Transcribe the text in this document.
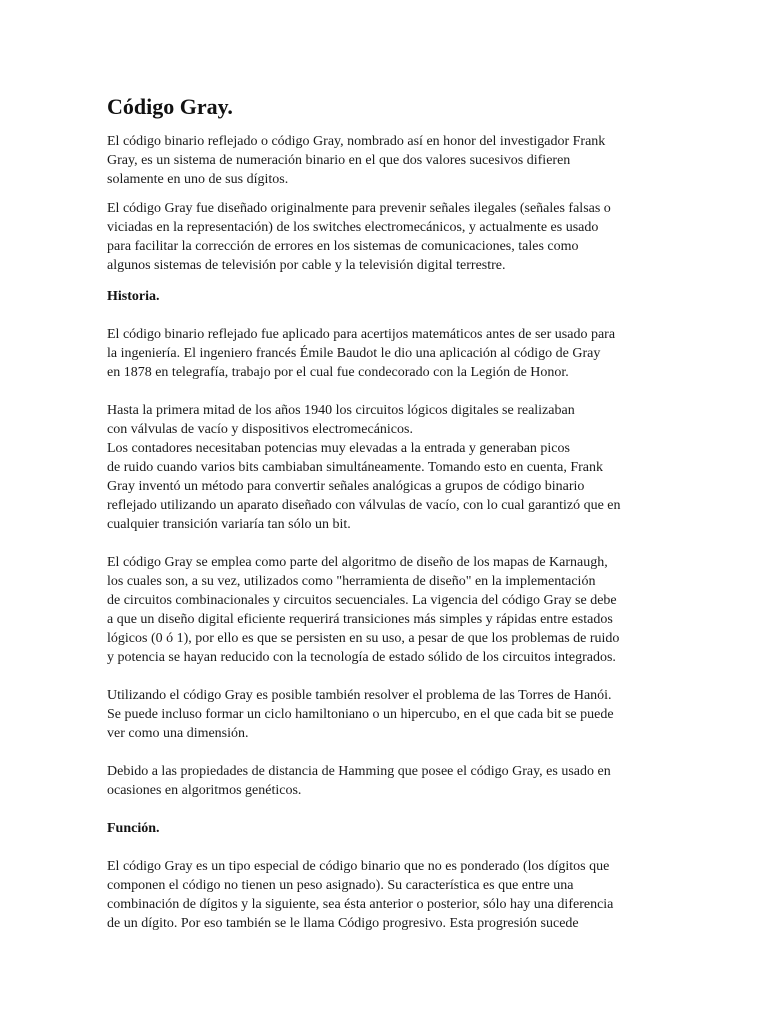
Código Gray.

El código binario reflejado o código Gray, nombrado así en honor del investigador Frank
Gray, es un sistema de numeración binario en el que dos valores sucesivos difieren
solamente en uno de sus dígitos.

El código Gray fue diseñado originalmente para prevenir señales ilegales (señales falsas o
viciadas en la representación) de los switches electromecánicos, y actualmente es usado
para facilitar la corrección de errores en los sistemas de comunicaciones, tales como
algunos sistemas de televisión por cable y la televisión digital terrestre.

Historia.

El código binario reflejado fue aplicado para acertijos matemáticos antes de ser usado para
la ingeniería. El ingeniero francés Émile Baudot le dio una aplicación al código de Gray
en 1878 en telegrafía, trabajo por el cual fue condecorado con la Legión de Honor.

Hasta la primera mitad de los años 1940 los circuitos lógicos digitales se realizaban
con válvulas de vacío y dispositivos electromecánicos.
Los contadores necesitaban potencias muy elevadas a la entrada y generaban picos
de ruido cuando varios bits cambiaban simultáneamente. Tomando esto en cuenta, Frank
Gray inventó un método para convertir señales analógicas a grupos de código binario
reflejado utilizando un aparato diseñado con válvulas de vacío, con lo cual garantizó que en
cualquier transición variaría tan sólo un bit.

El código Gray se emplea como parte del algoritmo de diseño de los mapas de Karnaugh,
los cuales son, a su vez, utilizados como "herramienta de diseño" en la implementación
de circuitos combinacionales y circuitos secuenciales. La vigencia del código Gray se debe
a que un diseño digital eficiente requerirá transiciones más simples y rápidas entre estados
lógicos (0 ó 1), por ello es que se persisten en su uso, a pesar de que los problemas de ruido
y potencia se hayan reducido con la tecnología de estado sólido de los circuitos integrados.

Utilizando el código Gray es posible también resolver el problema de las Torres de Hanói.
Se puede incluso formar un ciclo hamiltoniano o un hipercubo, en el que cada bit se puede
ver como una dimensión.

Debido a las propiedades de distancia de Hamming que posee el código Gray, es usado en
ocasiones en algoritmos genéticos.

Función.

El código Gray es un tipo especial de código binario que no es ponderado (los dígitos que
componen el código no tienen un peso asignado). Su característica es que entre una
combinación de dígitos y la siguiente, sea ésta anterior o posterior, sólo hay una diferencia
de un dígito. Por eso también se le llama Código progresivo. Esta progresión sucede
